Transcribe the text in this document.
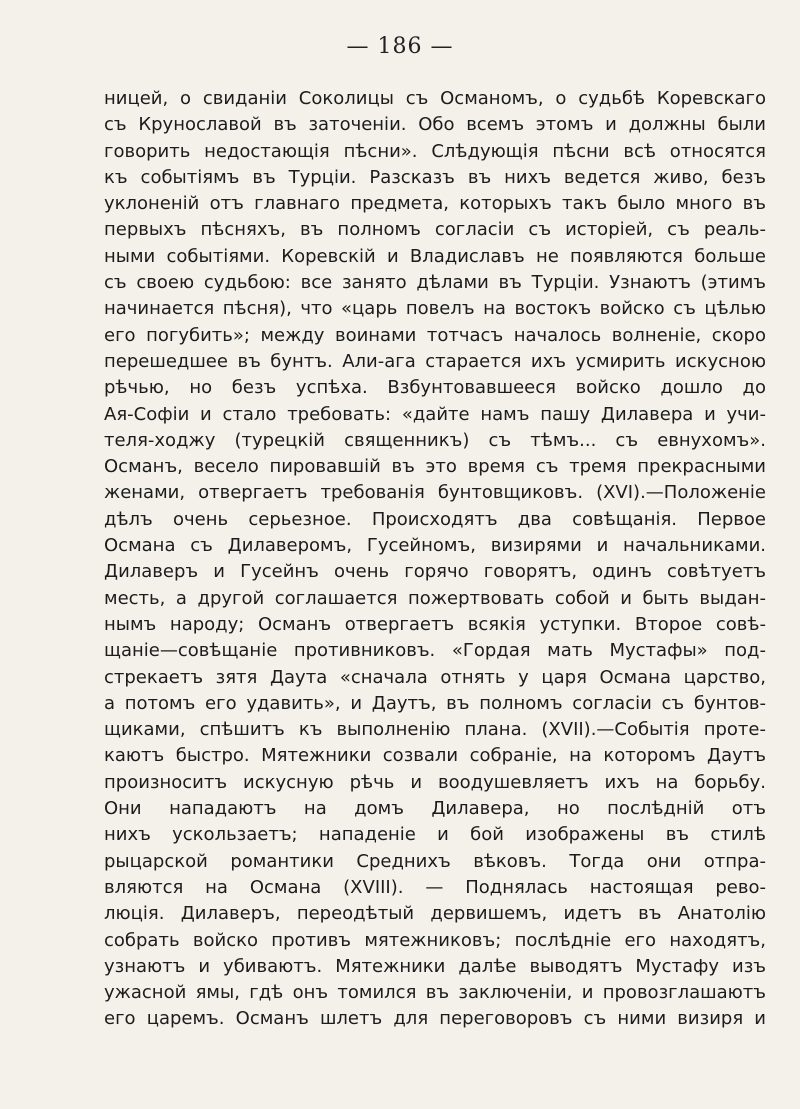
— 186 —
ницей, о свиданіи Соколицы съ Османомъ, о судьбѣ Коревскаго
съ Круноcлавой въ заточеніи. Обо всемъ этомъ и должны были
говорить недостающія пѣсни». Слѣдующія пѣсни всѣ относятся
къ событіямъ въ Турціи. Разсказъ въ нихъ ведется живо, безъ
уклоненій отъ главнаго предмета, которыхъ такъ было много въ
первыхъ пѣсняхъ, въ полномъ согласіи съ исторіей, съ реаль-
ными событіями. Коревскій и Владиславъ не появляются больше
съ своею судьбою: все занято дѣлами въ Турціи. Узнаютъ (этимъ
начинается пѣсня), что «царь повелъ на востокъ войско съ цѣлью
его погубить»; между воинами тотчасъ началось волненіе, скоро
перешедшее въ бунтъ. Али-ага старается ихъ усмирить искусною
рѣчью, но безъ успѣха. Взбунтовавшееся войско дошло до
Ая-Софіи и стало требовать: «дайте намъ пашу Дилавера и учи-
теля-ходжу (турецкій священникъ) съ тѣмъ... съ евнухомъ».
Османъ, весело пировавшій въ это время съ тремя прекрасными
женами, отвергаетъ требованія бунтовщиковъ. (XVI).—Положеніе
дѣлъ очень серьезное. Происходятъ два совѣщанія. Первое
Османа съ Дилаверомъ, Гусейномъ, визирями и начальниками.
Дилаверъ и Гусейнъ очень горячо говорятъ, одинъ совѣтуетъ
месть, а другой соглашается пожертвовать собой и быть выдан-
нымъ народу; Османъ отвергаетъ всякія уступки. Второе совѣ-
щаніе—совѣщаніе противниковъ. «Гордая мать Мустафы» под-
стрекаетъ зятя Даута «сначала отнять у царя Османа царство,
а потомъ его удавить», и Даутъ, въ полномъ согласіи съ бунтов-
щиками, спѣшитъ къ выполненію плана. (XVII).—Событія проте-
каютъ быстро. Мятежники созвали собраніе, на которомъ Даутъ
произноситъ искусную рѣчь и воодушевляетъ ихъ на борьбу.
Они нападаютъ на домъ Дилавера, но послѣдній отъ
нихъ ускользаетъ; нападеніе и бой изображены въ стилѣ
рыцарской романтики Среднихъ вѣковъ. Тогда они отпра-
вляются на Османа (XVIII). — Поднялась настоящая рево-
люція. Дилаверъ, переодѣтый дервишемъ, идетъ въ Анатолію
собрать войско противъ мятежниковъ; послѣдніе его находятъ,
узнаютъ и убиваютъ. Мятежники далѣе выводятъ Мустафу изъ
ужасной ямы, гдѣ онъ томился въ заключеніи, и провозглашаютъ
его царемъ. Османъ шлетъ для переговоровъ съ ними визиря и
